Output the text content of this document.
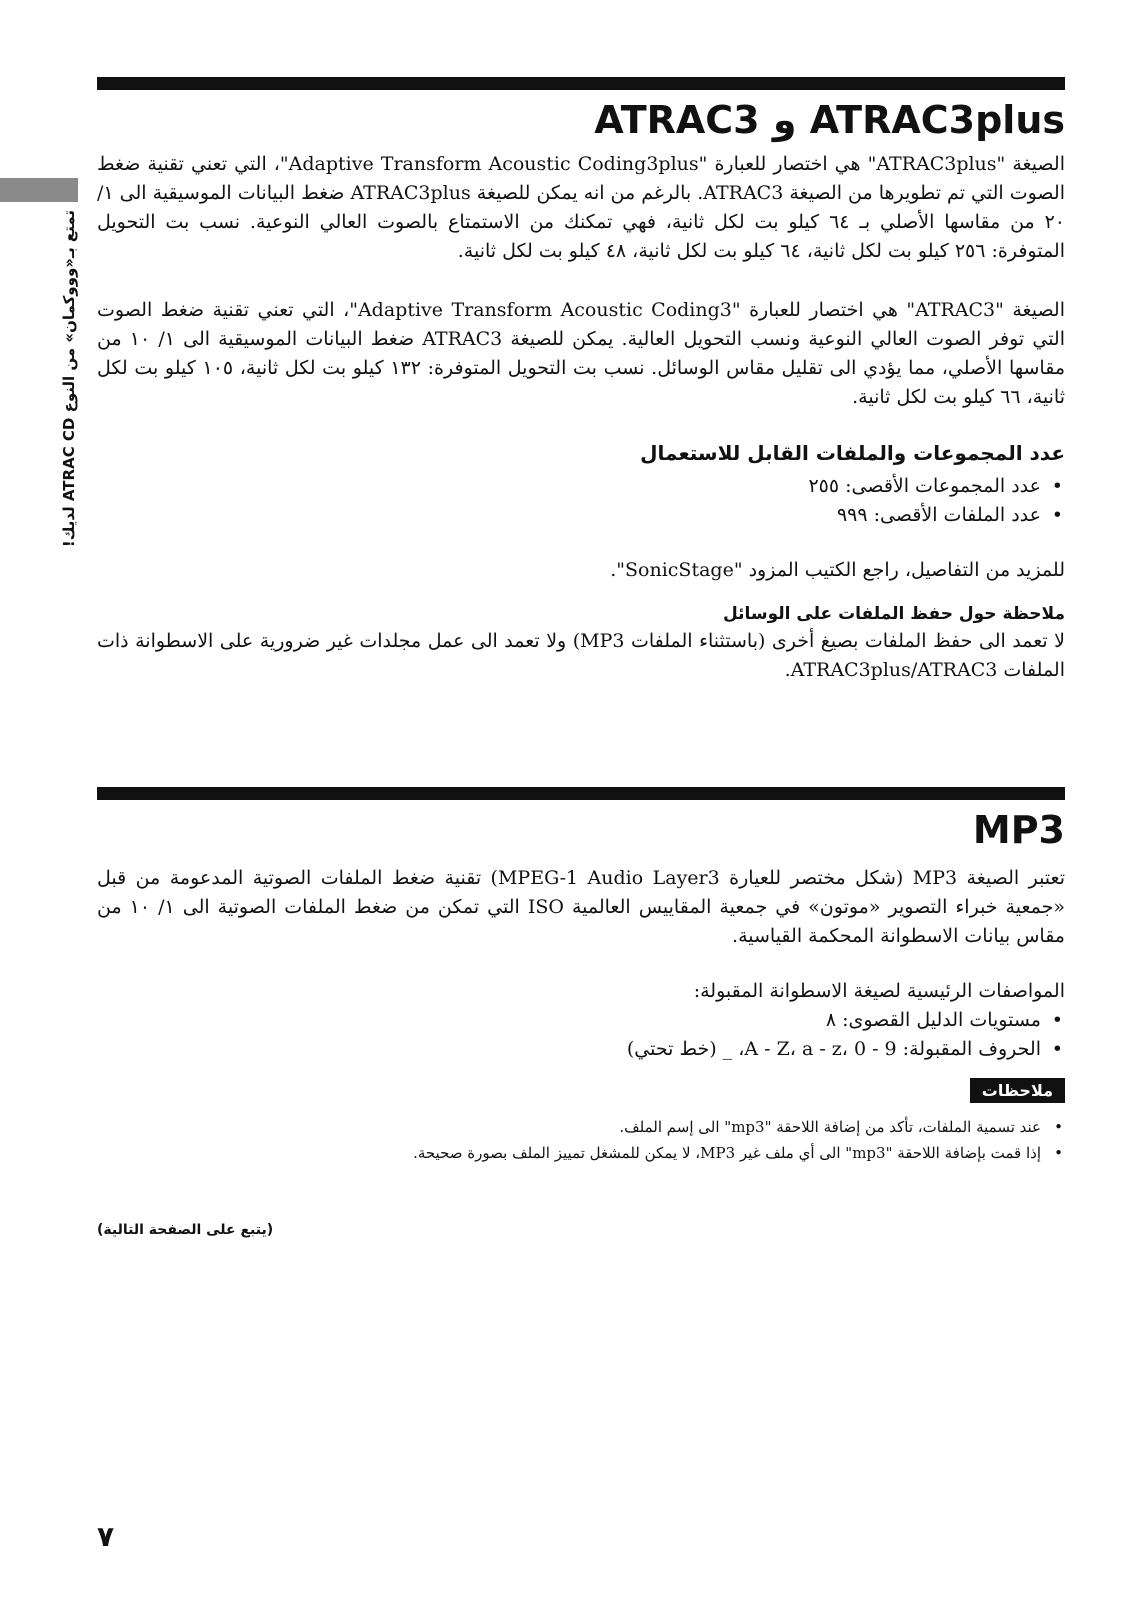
تمتع بـ«وووكمان» من النوع ATRAC CD لديك!
ATRAC3plus و ATRAC3

الصيغة "ATRAC3plus" هي اختصار للعبارة "Adaptive Transform Acoustic Coding3plus"، التي تعني تقنية ضغط الصوت التي تم تطويرها من الصيغة ATRAC3. بالرغم من انه يمكن للصيغة ATRAC3plus ضغط البيانات الموسيقية الى ١/ ٢٠ من مقاسها الأصلي بـ ٦٤ كيلو بت لكل ثانية، فهي تمكنك من الاستمتاع بالصوت العالي النوعية. نسب بت التحويل المتوفرة: ٢٥٦ كيلو بت لكل ثانية، ٦٤ كيلو بت لكل ثانية، ٤٨ كيلو بت لكل ثانية.

الصيغة "ATRAC3" هي اختصار للعبارة "Adaptive Transform Acoustic Coding3"، التي تعني تقنية ضغط الصوت التي توفر الصوت العالي النوعية ونسب التحويل العالية. يمكن للصيغة ATRAC3 ضغط البيانات الموسيقية الى ١/ ١٠ من مقاسها الأصلي، مما يؤدي الى تقليل مقاس الوسائل. نسب بت التحويل المتوفرة: ١٣٢ كيلو بت لكل ثانية، ١٠٥ كيلو بت لكل ثانية، ٦٦ كيلو بت لكل ثانية.

عدد المجموعات والملفات القابل للاستعمال

• عدد المجموعات الأقصى: ٢٥٥
• عدد الملفات الأقصى: ٩٩٩

للمزيد من التفاصيل، راجع الكتيب المزود "SonicStage".

ملاحظة حول حفظ الملفات على الوسائل

لا تعمد الى حفظ الملفات بصيغ أخرى (باستثناء الملفات MP3) ولا تعمد الى عمل مجلدات غير ضرورية على الاسطوانة ذات الملفات ATRAC3plus/ATRAC3.

MP3

تعتبر الصيغة MP3 (شكل مختصر للعيارة MPEG-1 Audio Layer3) تقنية ضغط الملفات الصوتية المدعومة من قبل «جمعية خبراء التصوير «موتون» في جمعية المقاييس العالمية ISO التي تمكن من ضغط الملفات الصوتية الى ١/ ١٠ من مقاس بيانات الاسطوانة المحكمة القياسية.

المواصفات الرئيسية لصيغة الاسطوانة المقبولة:

• مستويات الدليل القصوى: ٨
• الحروف المقبولة: A - Z، a - z، 0 - 9، _ (خط تحتي)
ملاحظات
• عند تسمية الملفات، تأكد من إضافة اللاحقة "mp3" الى إسم الملف.
• إذا قمت بإضافة اللاحقة "mp3" الى أي ملف غير MP3، لا يمكن للمشغل تمييز الملف بصورة صحيحة.
(يتبع على الصفحة التالية)
٧
